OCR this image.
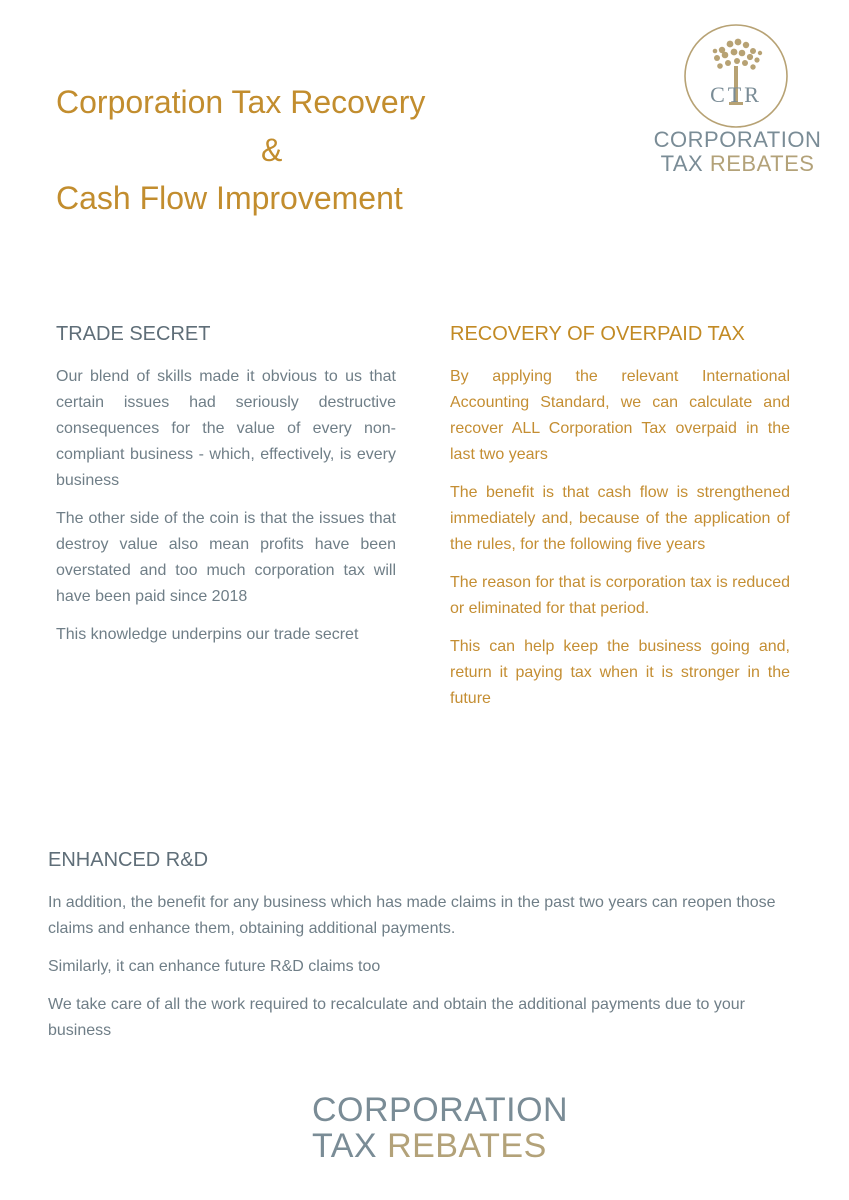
Corporation Tax Recovery
&
Cash Flow Improvement
CTR
CORPORATION
TAX REBATES
TRADE SECRET

Our blend of skills made it obvious to us that certain issues had seriously destructive consequences for the value of every non-compliant business - which, effectively, is every business

The other side of the coin is that the issues that destroy value also mean profits have been overstated and too much corporation tax will have been paid since 2018

This knowledge underpins our trade secret

RECOVERY OF OVERPAID TAX

By applying the relevant International Accounting Standard, we can calculate and recover ALL Corporation Tax overpaid in the last two years

The benefit is that cash flow is strengthened immediately and, because of the application of the rules, for the following five years

The reason for that is corporation tax is reduced or eliminated for that period.

This can help keep the business going and, return it paying tax when it is stronger in the future

ENHANCED R&D

In addition, the benefit for any business which has made claims in the past two years can reopen those claims and enhance them, obtaining additional payments.

Similarly, it can enhance future R&D claims too

We take care of all the work required to recalculate and obtain the additional payments due to your business

CORPORATION
TAX REBATES
